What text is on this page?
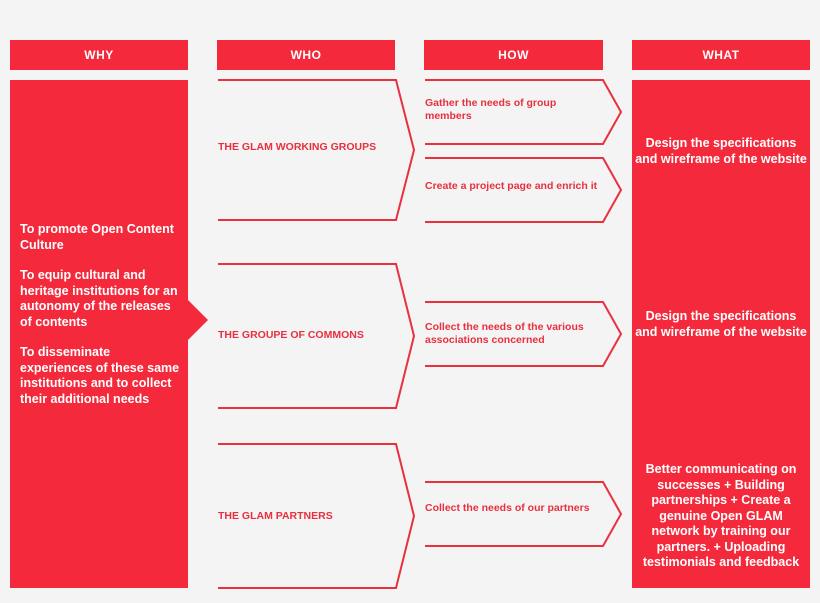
WHY	WHO	HOW	WHAT

To promote Open Content Culture

To equip cultural and heritage institutions for an autonomy of the releases of contents

To disseminate experiences of these same institutions and to collect their additional needs

THE GLAM WORKING GROUPS
THE GROUPE OF COMMONS
THE GLAM PARTNERS
Gather the needs of group members
Create a project page and enrich it
Collect the needs of the various associations concerned
Collect the needs of our partners
Design the specifications and wireframe of the website
Design the specifications and wireframe of the website
Better communicating on successes + Building partnerships + Create a genuine Open GLAM network by training our partners. + Uploading testimonials and feedback
